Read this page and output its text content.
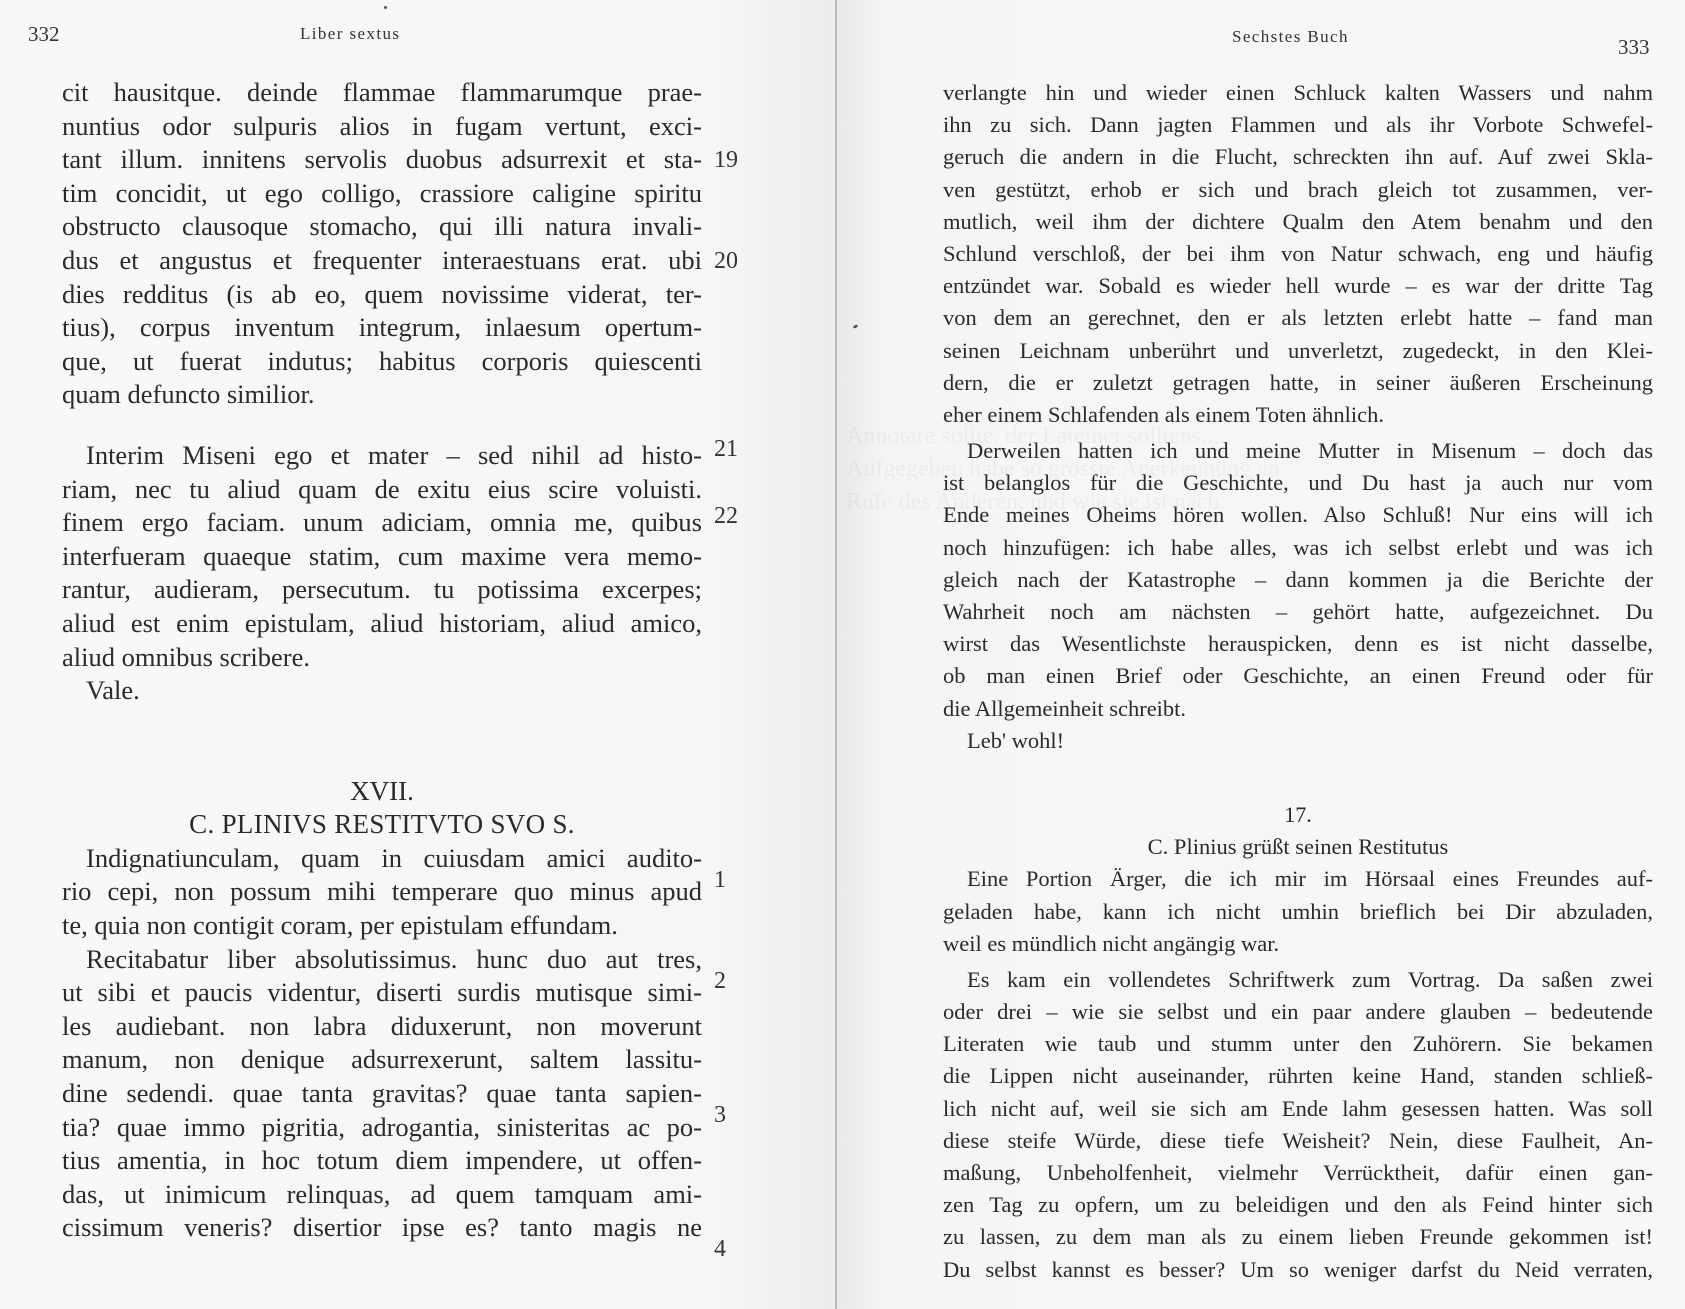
Liber sextus
332
cit hausitque. deinde flammae flammarumque prae-
nuntius odor sulpuris alios in fugam vertunt, exci-
tant illum. innitens servolis duobus adsurrexit et sta-
tim concidit, ut ego colligo, crassiore caligine spiritu
obstructo clausoque stomacho, qui illi natura invali-
dus et angustus et frequenter interaestuans erat. ubi
dies redditus (is ab eo, quem novissime viderat, ter-
tius), corpus inventum integrum, inlaesum opertum-
que, ut fuerat indutus; habitus corporis quiescenti
quam defuncto similior.
Interim Miseni ego et mater – sed nihil ad histo-
riam, nec tu aliud quam de exitu eius scire voluisti.
finem ergo faciam. unum adiciam, omnia me, quibus
interfueram quaeque statim, cum maxime vera memo-
rantur, audieram, persecutum. tu potissima excerpes;
aliud est enim epistulam, aliud historiam, aliud amico,
aliud omnibus scribere.
Vale.
XVII.
C. PLINIVS RESTITVTO SVO S.
Indignatiunculam, quam in cuiusdam amici audito-
rio cepi, non possum mihi temperare quo minus apud
te, quia non contigit coram, per epistulam effundam.
Recitabatur liber absolutissimus. hunc duo aut tres,
ut sibi et paucis videntur, diserti surdis mutisque simi-
les audiebant. non labra diduxerunt, non moverunt
manum, non denique adsurrexerunt, saltem lassitu-
dine sedendi. quae tanta gravitas? quae tanta sapien-
tia? quae immo pigritia, adrogantia, sinisteritas ac po-
tius amentia, in hoc totum diem impendere, ut offen-
das, ut inimicum relinquas, ad quem tamquam ami-
cissimum veneris? disertior ipse es? tanto magis ne
19
20
21
22
1
2
3
4
Sechstes Buch	333
verlangte hin und wieder einen Schluck kalten Wassers und nahm
ihn zu sich. Dann jagten Flammen und als ihr Vorbote Schwefel-
geruch die andern in die Flucht, schreckten ihn auf. Auf zwei Skla-
ven gestützt, erhob er sich und brach gleich tot zusammen, ver-
mutlich, weil ihm der dichtere Qualm den Atem benahm und den
Schlund verschloß, der bei ihm von Natur schwach, eng und häufig
entzündet war. Sobald es wieder hell wurde – es war der dritte Tag
von dem an gerechnet, den er als letzten erlebt hatte – fand man
seinen Leichnam unberührt und unverletzt, zugedeckt, in den Klei-
dern, die er zuletzt getragen hatte, in seiner äußeren Erscheinung
eher einem Schlafenden als einem Toten ähnlich.
Derweilen hatten ich und meine Mutter in Misenum – doch das
ist belanglos für die Geschichte, und Du hast ja auch nur vom
Ende meines Oheims hören wollen. Also Schluß! Nur eins will ich
noch hinzufügen: ich habe alles, was ich selbst erlebt und was ich
gleich nach der Katastrophe – dann kommen ja die Berichte der
Wahrheit noch am nächsten – gehört hatte, aufgezeichnet. Du
wirst das Wesentlichste herauspicken, denn es ist nicht dasselbe,
ob man einen Brief oder Geschichte, an einen Freund oder für
die Allgemeinheit schreibt.
Leb' wohl!
17.
C. Plinius grüßt seinen Restitutus
Eine Portion Ärger, die ich mir im Hörsaal eines Freundes auf-
geladen habe, kann ich nicht umhin brieflich bei Dir abzuladen,
weil es mündlich nicht angängig war.
Es kam ein vollendetes Schriftwerk zum Vortrag. Da saßen zwei
oder drei – wie sie selbst und ein paar andere glauben – bedeutende
Literaten wie taub und stumm unter den Zuhörern. Sie bekamen
die Lippen nicht auseinander, rührten keine Hand, standen schließ-
lich nicht auf, weil sie sich am Ende lahm gesessen hatten. Was soll
diese steife Würde, diese tiefe Weisheit? Nein, diese Faulheit, An-
maßung, Unbeholfenheit, vielmehr Verrücktheit, dafür einen gan-
zen Tag zu opfern, um zu beleidigen und den als Feind hinter sich
zu lassen, zu dem man als zu einem lieben Freunde gekommen ist!
Du selbst kannst es besser? Um so weniger darfst du Neid verraten,
